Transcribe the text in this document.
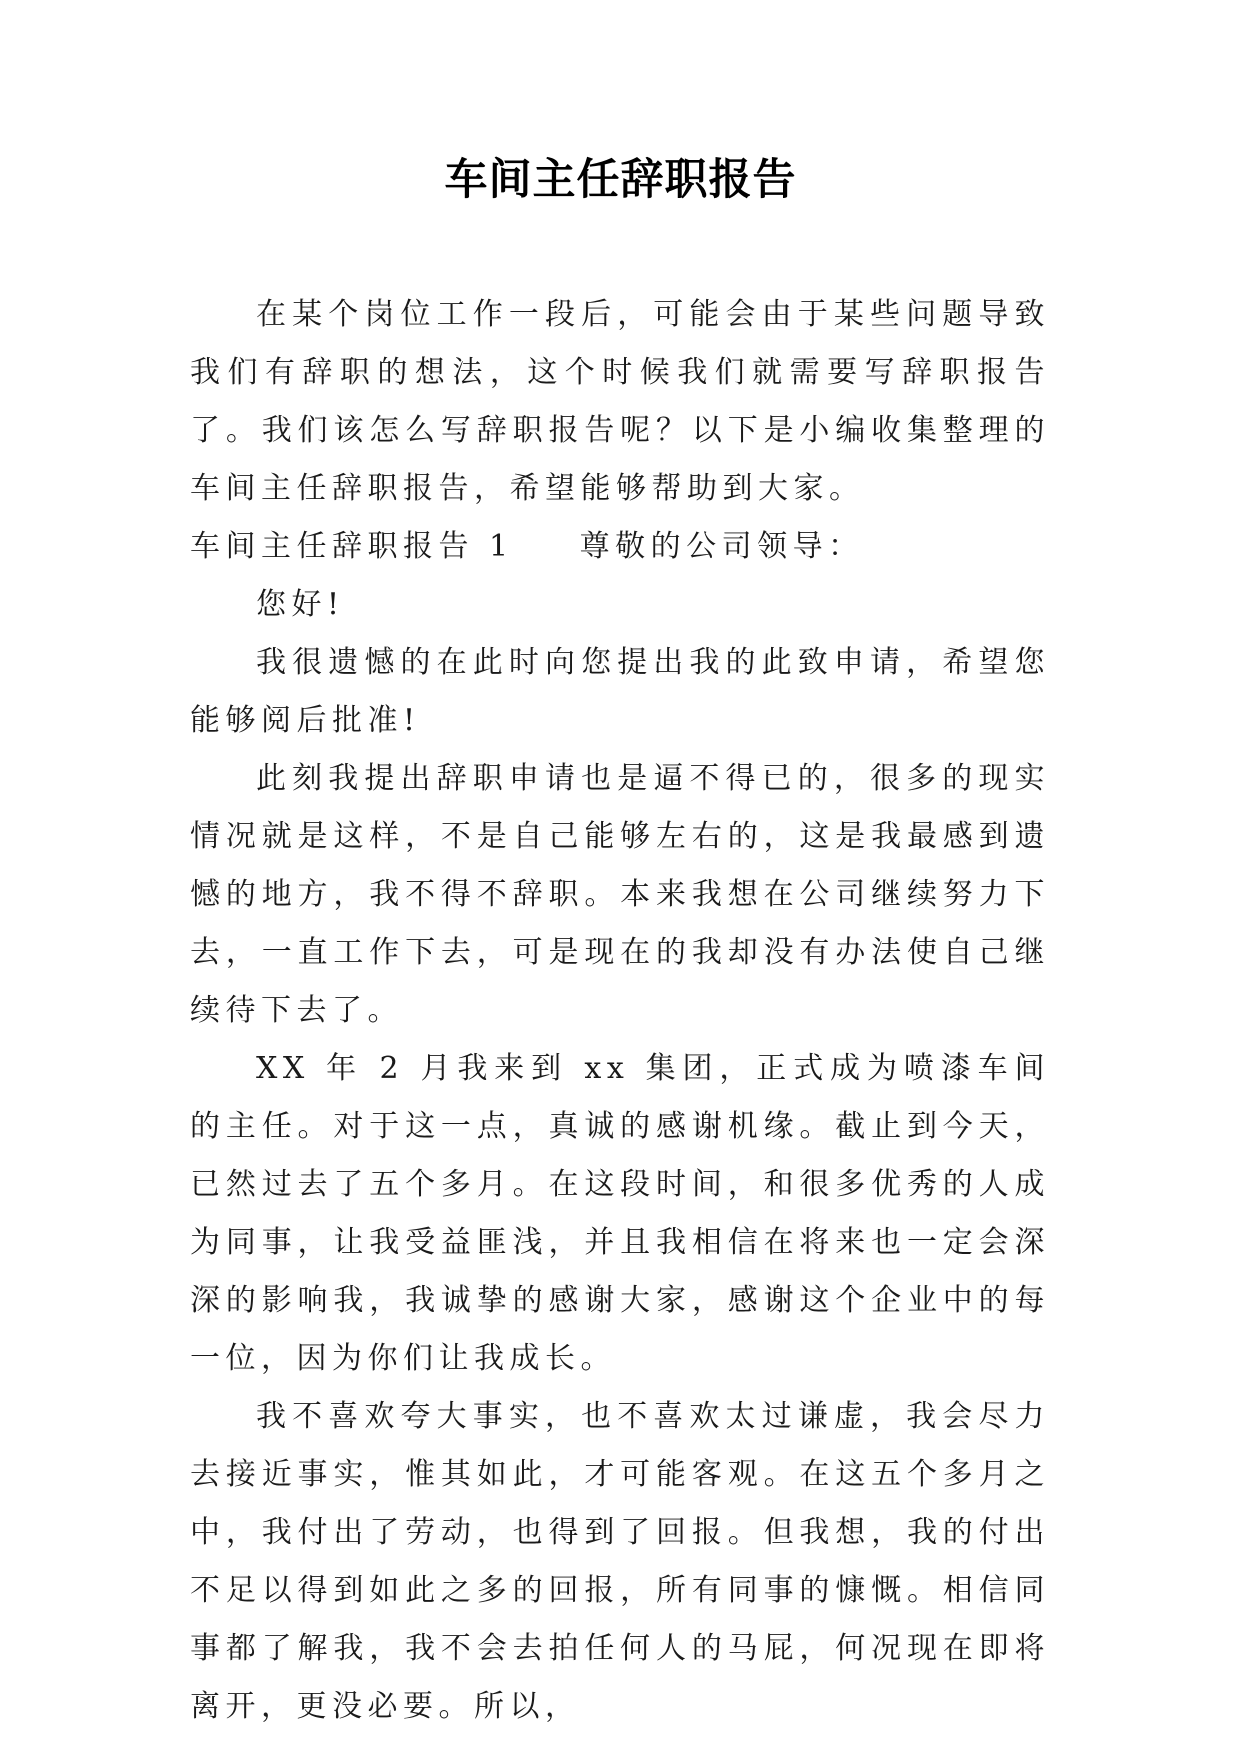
车间主任辞职报告

在某个岗位工作一段后，可能会由于某些问题导致我们有辞职的想法，这个时候我们就需要写辞职报告了。我们该怎么写辞职报告呢？以下是小编收集整理的车间主任辞职报告，希望能够帮助到大家。

车间主任辞职报告 1 尊敬的公司领导：

您好!

我很遗憾的在此时向您提出我的此致申请，希望您能够阅后批准!

此刻我提出辞职申请也是逼不得已的，很多的现实情况就是这样，不是自己能够左右的，这是我最感到遗憾的地方，我不得不辞职。本来我想在公司继续努力下去，一直工作下去，可是现在的我却没有办法使自己继续待下去了。

XX 年 2 月我来到 xx 集团，正式成为喷漆车间的主任。对于这一点，真诚的感谢机缘。截止到今天，已然过去了五个多月。在这段时间，和很多优秀的人成为同事，让我受益匪浅，并且我相信在将来也一定会深深的影响我，我诚挚的感谢大家，感谢这个企业中的每一位，因为你们让我成长。

我不喜欢夸大事实，也不喜欢太过谦虚，我会尽力去接近事实，惟其如此，才可能客观。在这五个多月之中，我付出了劳动，也得到了回报。但我想，我的付出不足以得到如此之多的回报，所有同事的慷慨。相信同事都了解我，我不会去拍任何人的马屁，何况现在即将离开，更没必要。所以，
